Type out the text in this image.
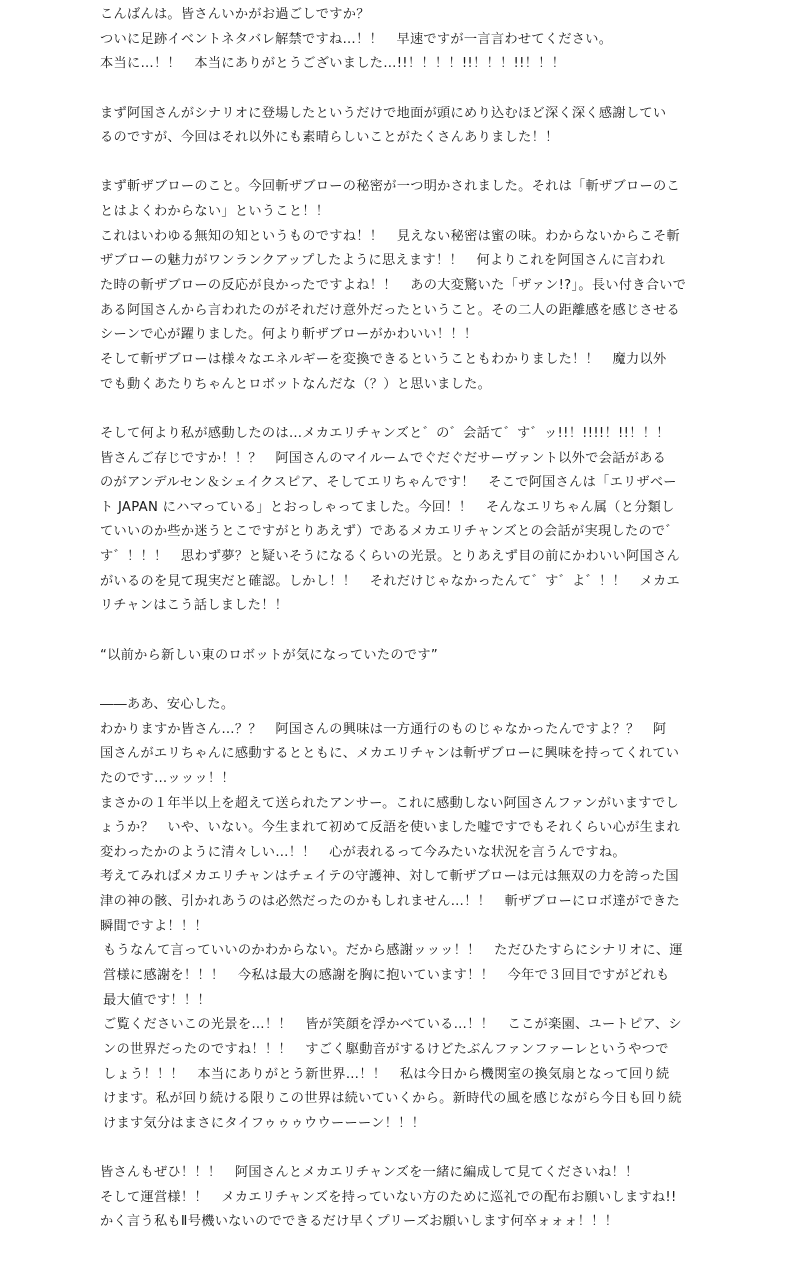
こんばんは。皆さんいかがお過ごしですか？
ついに足跡イベントネタバレ解禁ですね…！！　早速ですが一言言わせてください。
本当に…！！　本当にありがとうございました…!!！！！！!!！！！!!！！！
まず阿国さんがシナリオに登場したというだけで地面が頭にめり込むほど深く深く感謝してい
るのですが、今回はそれ以外にも素晴らしいことがたくさんありました！！
まず斬ザブローのこと。今回斬ザブローの秘密が一つ明かされました。それは「斬ザブローのこ
とはよくわからない」ということ！！
これはいわゆる無知の知というものですね！！　見えない秘密は蜜の味。わからないからこそ斬
ザブローの魅力がワンランクアップしたように思えます！！　何よりこれを阿国さんに言われ
た時の斬ザブローの反応が良かったですよね！！　あの大変驚いた「ザァン!?」。長い付き合いで
ある阿国さんから言われたのがそれだけ意外だったということ。その二人の距離感を感じさせる
シーンで心が躍りました。何より斬ザブローがかわいい！！！
そして斬ザブローは様々なエネルギーを変換できるということもわかりました！！　魔力以外
でも動くあたりちゃんとロボットなんだな（？）と思いました。
そして何より私が感動したのは…メカエリチャンズと゛の゛会話て゛す゛ッ!!！!!!!！!!！！！
皆さんご存じですか！！？　阿国さんのマイルームでぐだぐだサーヴァント以外で会話がある
のがアンデルセン＆シェイクスピア、そしてエリちゃんです！　そこで阿国さんは「エリザベー
ト JAPAN にハマっている」とおっしゃってました。今回！！　そんなエリちゃん属（と分類し
ていいのか些か迷うとこですがとりあえず）であるメカエリチャンズとの会話が実現したので゛
す゛！！！　思わず夢？と疑いそうになるくらいの光景。とりあえず目の前にかわいい阿国さん
がいるのを見て現実だと確認。しかし！！　それだけじゃなかったんて゛す゛よ゛！！　メカエ
リチャンはこう話しました！！
“以前から新しい東のロボットが気になっていたのです”
――ああ、安心した。
わかりますか皆さん…？？　阿国さんの興味は一方通行のものじゃなかったんですよ？？　阿
国さんがエリちゃんに感動するとともに、メカエリチャンは斬ザブローに興味を持ってくれてい
たのです…ッッッ！！
まさかの１年半以上を超えて送られたアンサー。これに感動しない阿国さんファンがいますでし
ょうか？　いや、いない。今生まれて初めて反語を使いました嘘ですでもそれくらい心が生まれ
変わったかのように清々しい…！！　心が表れるって今みたいな状況を言うんですね。
考えてみればメカエリチャンはチェイテの守護神、対して斬ザブローは元は無双の力を誇った国
津の神の骸、引かれあうのは必然だったのかもしれません…！！　斬ザブローにロボ達ができた
瞬間ですよ！！！
もうなんて言っていいのかわからない。だから感謝ッッッ！！　ただひたすらにシナリオに、運
営様に感謝を！！！　今私は最大の感謝を胸に抱いています！！　今年で３回目ですがどれも
最大値です！！！
ご覧くださいこの光景を…！！　皆が笑顔を浮かべている…！！　ここが楽園、ユートピア、シ
ンの世界だったのですね！！！　すごく駆動音がするけどたぶんファンファーレというやつで
しょう！！！　本当にありがとう新世界…！！　私は今日から機関室の換気扇となって回り続
けます。私が回り続ける限りこの世界は続いていくから。新時代の風を感じながら今日も回り続
けます気分はまさにタイフゥゥゥウウーーーン！！！
皆さんもぜひ！！！　阿国さんとメカエリチャンズを一緒に編成して見てくださいね！！
そして運営様！！　メカエリチャンズを持っていない方のために巡礼での配布お願いしますね!!
かく言う私もⅡ号機いないのでできるだけ早くプリーズお願いします何卒ォォォ！！！
